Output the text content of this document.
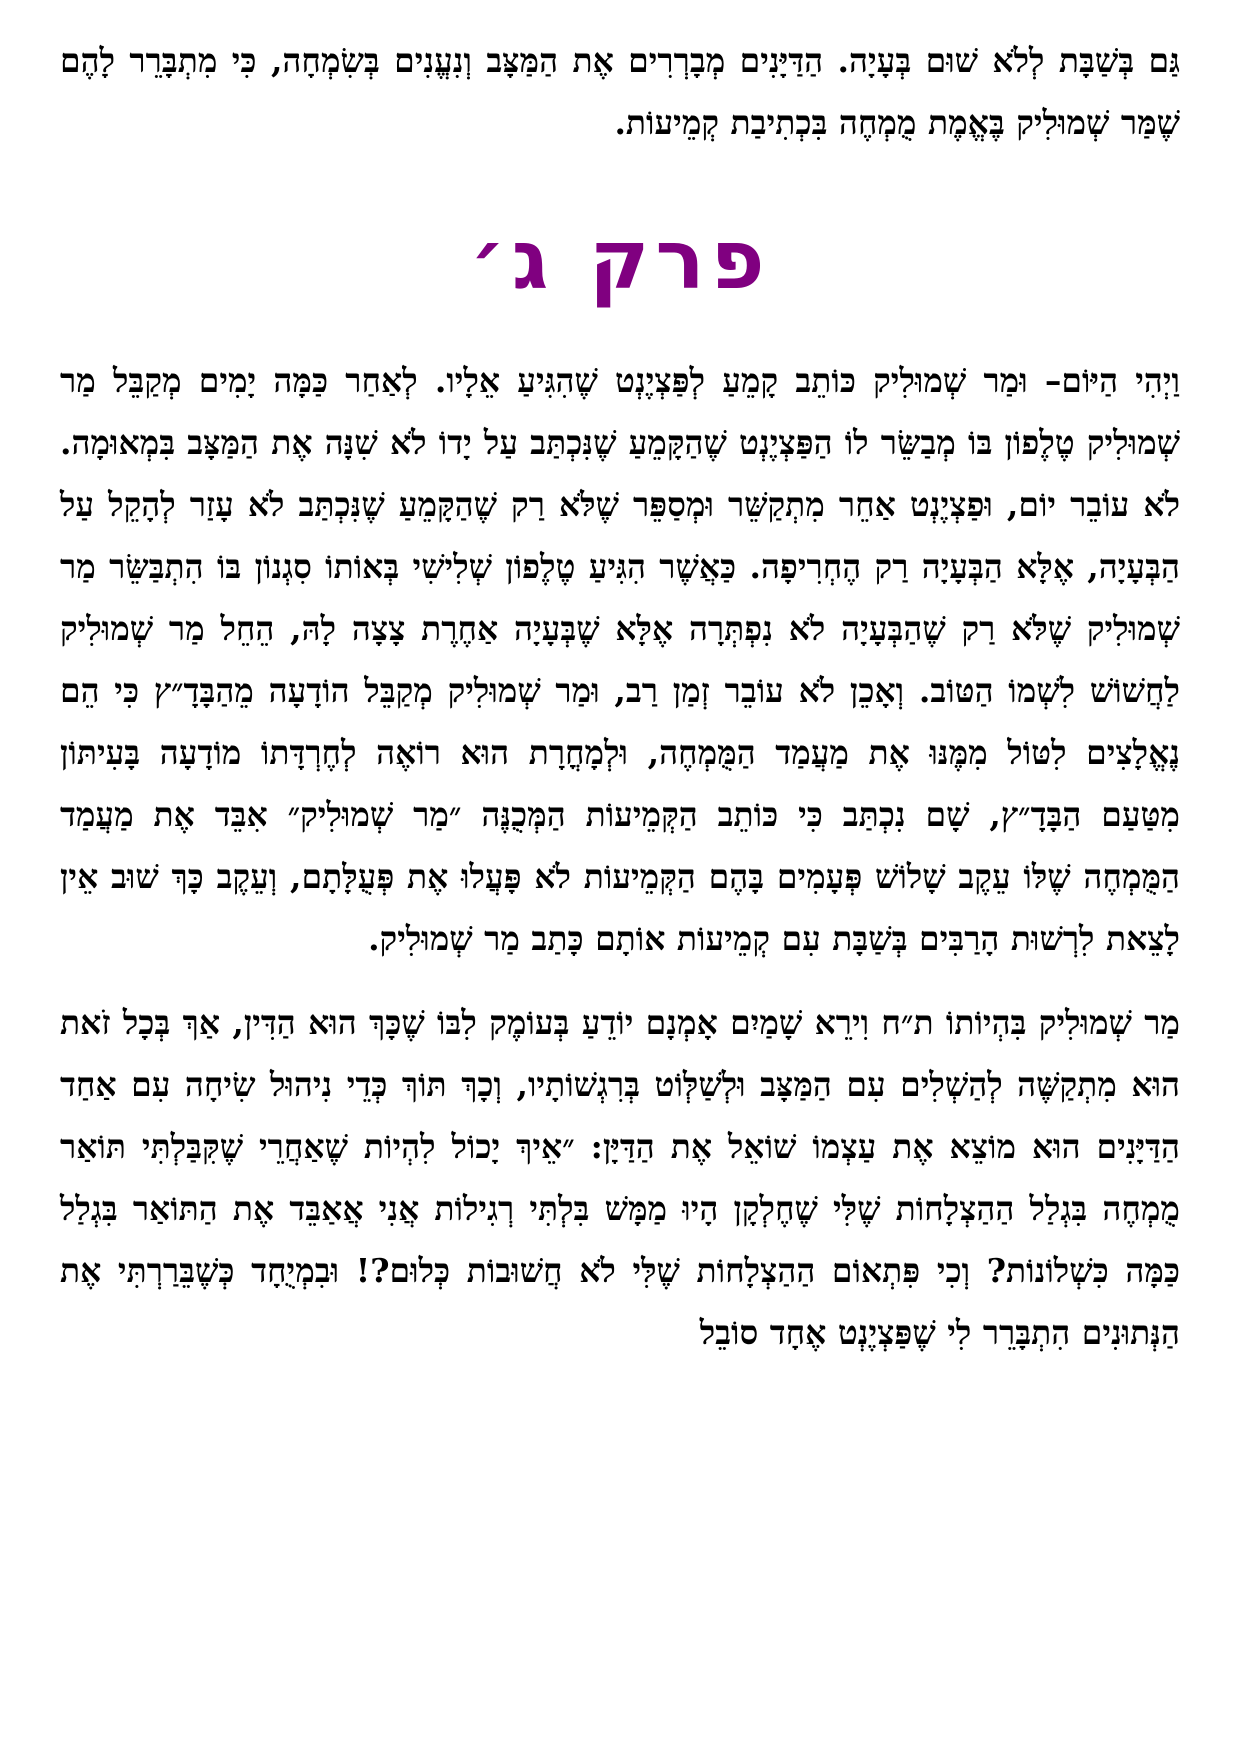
גַּם בְּשַׁבָּת לְלֹא שׁוּם בְּעָיָה. הַדַּיָּנִים מְבָרְרִים אֶת הַמַּצָּב וְנִעֱנִים בְּשִׂמְחָה, כִּי מִתְבָּרֵר לָהֶם שֶׁמַּר שְׁמוּלִיק בֶּאֱמֶת מֻמְחֶה בִּכְתִיבַת קְמֵיעוֹת.

פרק ג׳

וַיְהִי הַיּוֹם– וּמַר שְׁמוּלִיק כּוֹתֵב קָמֵעַ לְפַּצְיֶנְט שֶׁהִגִּיעַ אֵלָיו. לְאַחַר כַּמָּה יָמִים מְקַבֵּל מַר שְׁמוּלִיק טֶלֶפוֹן בּוֹ מְבַשֵּׂר לוֹ הַפַּצְיֶנְט שֶׁהַקָּמֵעַ שֶׁנִּכְתַּב עַל יָדוֹ לֹא שִׁנָּה אֶת הַמַּצָּב בִּמְאוּמָה. לֹא עוֹבֵר יוֹם, וּפַצְיֶנְט אַחֵר מִתְקַשֵּׁר וּמְסַפֵּר שֶׁלֹּא רַק שֶׁהַקָּמֵעַ שֶׁנִּכְתַּב לֹא עָזַר לְהָקֵל עַל הַבְּעָיָה, אֶלָּא הַבְּעָיָה רַק הֶחְרִיפָה. כַּאֲשֶׁר הִגִּיעַ טֶלֶפוֹן שְׁלִישִׁי בְּאוֹתוֹ סִגְנוֹן בּוֹ הִתְבַּשֵּׂר מַר שְׁמוּלִיק שֶׁלֹּא רַק שֶׁהַבְּעָיָה לֹא נִפְתְּרָה אֶלָּא שֶׁבְּעָיָה אַחֶרֶת צָצָה לָהּ, הֵחֵל מַר שְׁמוּלִיק לַחֲשׁוֹשׁ לִשְׁמוֹ הַטּוֹב. וְאָכֵן לֹא עוֹבֵר זְמַן רַב, וּמַר שְׁמוּלִיק מְקַבֵּל הוֹדָעָה מֵהַבָּדָ״ץ כִּי הֵם נֶאֱלָצִים לִטּוֹל מִמֶּנּוּ אֶת מַעֲמַד הַמֻּמְחֶה, וּלְמָחֳרָת הוּא רוֹאֶה לְחֶרְדָּתוֹ מוֹדָעָה בָּעִיתּוֹן מִטַּעַם הַבָּדָ״ץ, שָׁם נִכְתַּב כִּי כּוֹתֵב הַקְּמֵיעוֹת הַמְּכֻנֶּה ״מַר שְׁמוּלִיק״ אִבֵּד אֶת מַעֲמַד הַמֻּמְחֶה שֶׁלּוֹ עֵקֶב שָׁלוֹשׁ פְּעָמִים בָּהֶם הַקְּמֵיעוֹת לֹא פָּעֲלוּ אֶת פְּעֻלָּתָם, וְעֵקֶב כָּךְ שׁוּב אֵין לָצֵאת לִרְשׁוּת הָרַבִּים בְּשַׁבָּת עִם קְמֵיעוֹת אוֹתָם כָּתַב מַר שְׁמוּלִיק.

מַר שְׁמוּלִיק בִּהְיוֹתוֹ ת״ח וִירֵא שָׁמַיִם אָמְנָם יוֹדֵעַ בְּעוֹמֶק לִבּוֹ שֶׁכָּךְ הוּא הַדִּין, אַךְ בְּכָל זֹאת הוּא מִתְקַשֶּׁה לְהַשְׁלִים עִם הַמַּצָּב וּלְשַׁלְּוֹט בְּרִגְשׁוֹתָיו, וְכָךְ תּוֹךְ כְּדֵי נִיהוּל שִׂיחָה עִם אַחַד הַדַּיָּנִים הוּא מוֹצֵא אֶת עַצְמוֹ שׁוֹאֵל אֶת הַדַּיָּן: ״אֵיךְ יָכוֹל לִהְיוֹת שֶׁאַחֲרֵי שֶׁקִּבַּלְתִּי תּוֹאַר מֻמְחֶה בִּגְלַל הַהַצְלָחוֹת שֶׁלִּי שֶׁחֶלְקָן הָיוּ מַמָּשׁ בִּלְתִּי רְגִילוֹת אֲנִי אֲאַבֵּד אֶת הַתּוֹאַר בִּגְלַל כַּמָּה כִּשְׁלוֹנוֹת? וְכִי פִּתְאוֹם הַהַצְלָחוֹת שֶׁלִּי לֹא חֲשׁוּבוֹת כְּלוּם?! וּבִמְיֻחָד כְּשֶׁבֵּרַרְתִּי אֶת הַנְּתוּנִים הִתְבָּרֵר לִי שֶׁפַּצְיֶנְט אֶחָד סוֹבֵל
